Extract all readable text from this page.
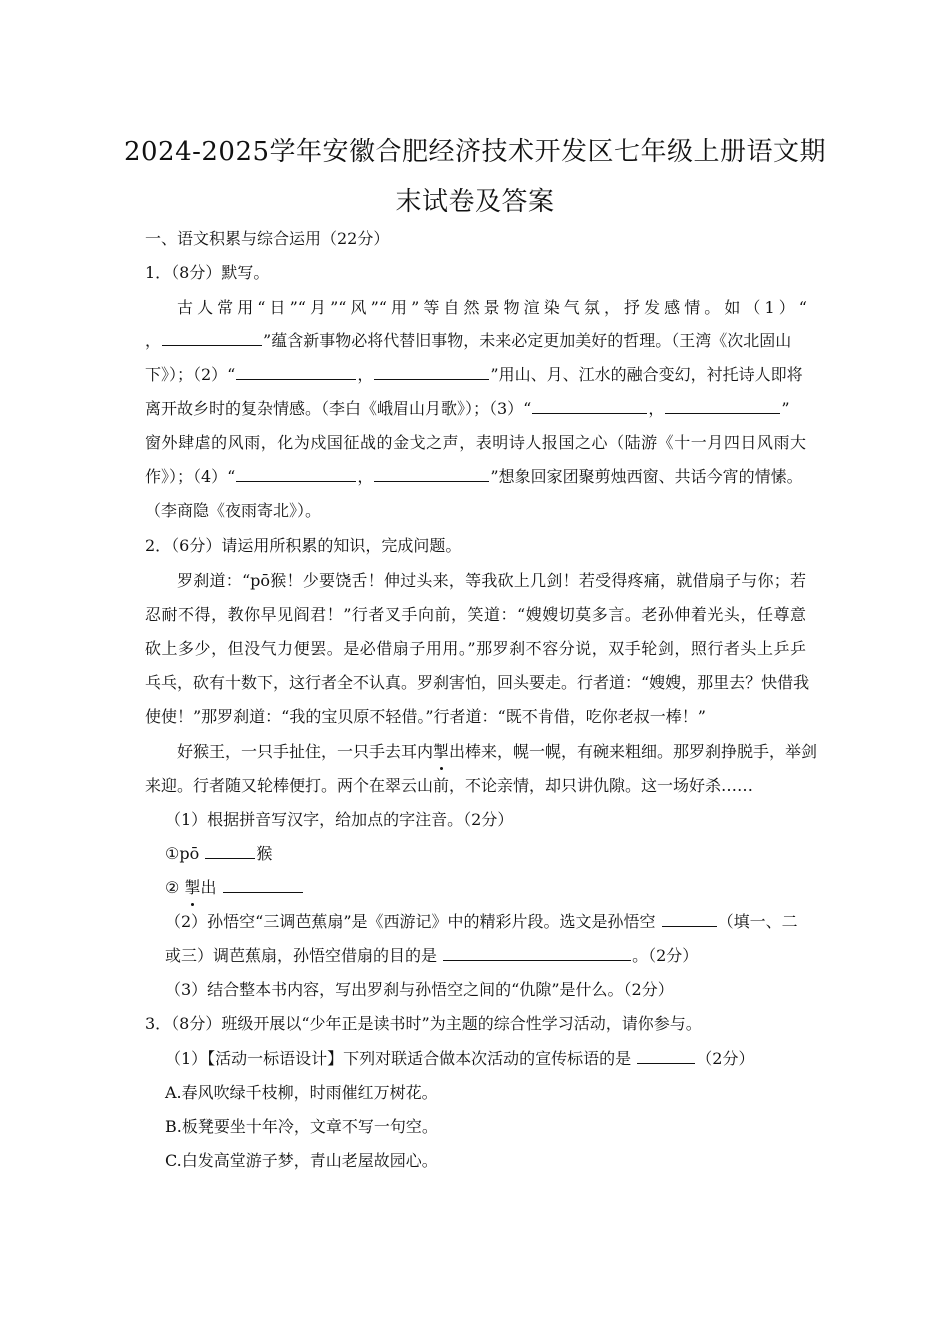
2024-2025学年安徽合肥经济技术开发区七年级上册语文期
末试卷及答案
一、语文积累与综合运用（22分）
1．（8分）默写。
古人常用“日”“月”“风”“用”等自然景物渲染气氛，抒发感情。如（1）“
，	”蕴含新事物必将代替旧事物，未来必定更加美好的哲理。（王湾《次北固山
下》）；（2）“	，	”用山、月、江水的融合变幻，衬托诗人即将
离开故乡时的复杂情感。（李白《峨眉山月歌》）；（3）“	，	”
窗外肆虐的风雨，化为戍国征战的金戈之声，表明诗人报国之心（陆游《十一月四日风雨大
作》）；（4）“	，	”想象回家团聚剪烛西窗、共话今宵的情愫。
（李商隐《夜雨寄北》）。
2．（6分）请运用所积累的知识，完成问题。
罗刹道：“pō猴！少要饶舌！伸过头来，等我砍上几剑！若受得疼痛，就借扇子与你；若
忍耐不得，教你早见阎君！”行者叉手向前，笑道：“嫂嫂切莫多言。老孙伸着光头，任尊意
砍上多少，但没气力便罢。是必借扇子用用。”那罗刹不容分说，双手轮剑，照行者头上乒乒
乓乓，砍有十数下，这行者全不认真。罗刹害怕，回头要走。行者道：“嫂嫂，那里去？快借我
使使！”那罗刹道：“我的宝贝原不轻借。”行者道：“既不肯借，吃你老叔一棒！”
好猴王，一只手扯住，一只手去耳内掣出棒来，幌一幌，有碗来粗细。那罗刹挣脱手，举剑
来迎。行者随又轮棒便打。两个在翠云山前，不论亲情，却只讲仇隙。这一场好杀……
（1）根据拼音写汉字，给加点的字注音。（2分）
①pō	猴
② 掣出
（2）孙悟空“三调芭蕉扇”是《西游记》中的精彩片段。选文是孙悟空	（填一、二
或三）调芭蕉扇，孙悟空借扇的目的是	。（2分）
（3）结合整本书内容，写出罗刹与孙悟空之间的“仇隙”是什么。（2分）
3．（8分）班级开展以“少年正是读书时”为主题的综合性学习活动，请你参与。
（1）【活动一标语设计】下列对联适合做本次活动的宣传标语的是	（2分）
A.春风吹绿千枝柳，时雨催红万树花。
B.板凳要坐十年冷，文章不写一句空。
C.白发高堂游子梦，青山老屋故园心。
